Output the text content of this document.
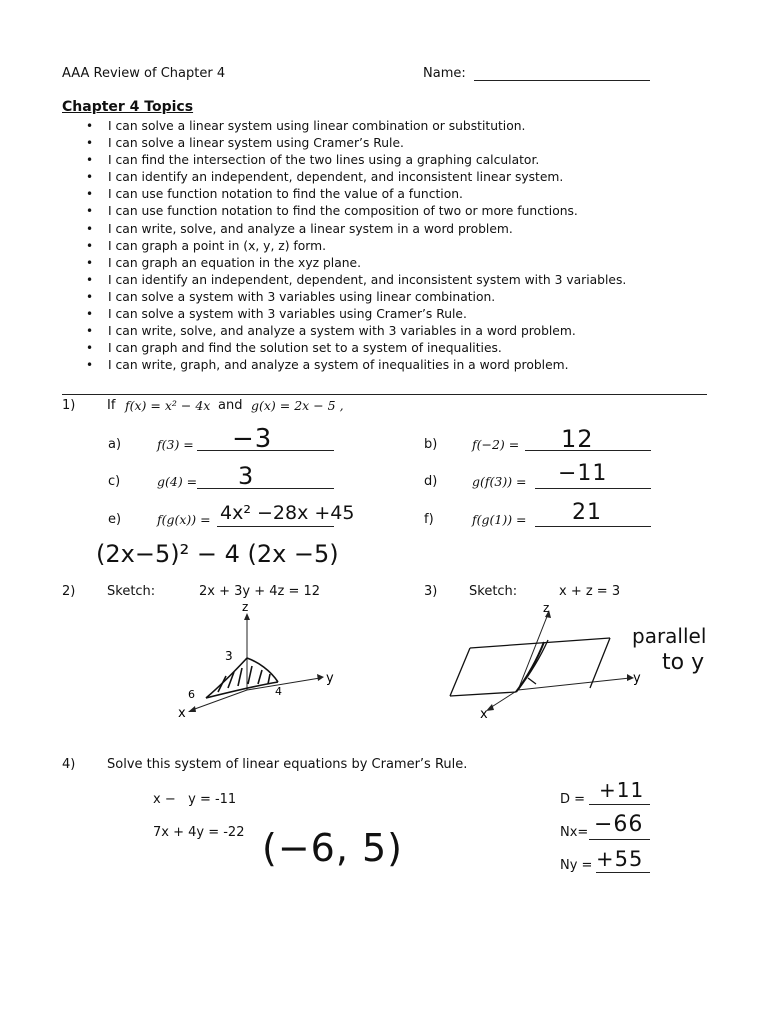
AAA Review of Chapter 4	Name:
Chapter 4 Topics
• I can solve a linear system using linear combination or substitution.
• I can solve a linear system using Cramer’s Rule.
• I can find the intersection of the two lines using a graphing calculator.
• I can identify an independent, dependent, and inconsistent linear system.
• I can use function notation to find the value of a function.
• I can use function notation to find the composition of two or more functions.
• I can write, solve, and analyze a linear system in a word problem.
• I can graph a point in (x, y, z) form.
• I can graph an equation in the xyz plane.
• I can identify an independent, dependent, and inconsistent system with 3 variables.
• I can solve a system with 3 variables using linear combination.
• I can solve a system with 3 variables using Cramer’s Rule.
• I can write, solve, and analyze a system with 3 variables in a word problem.
• I can graph and find the solution set to a system of inequalities.
• I can write, graph, and analyze a system of inequalities in a word problem.
1) If f(x) = x² − 4x and g(x) = 2x − 5 ,
a)	f(3) = −3	b)	f(−2) = 12
c)	g(4) = 3	d)	g(f(3)) = −11
e)	f(g(x)) = 4x² −28x +45	f)	f(g(1)) = 21
(2x−5)² − 4 (2x −5)
2) Sketch:	2x + 3y + 4z = 12
z
y
x
3
4
6
3) Sketch:	x + z = 3
z
y
x
parallel
to y
4) Solve this system of linear equations by Cramer’s Rule.
x −   y = -11
7x + 4y = -22 (−6, 5)
D = +11
Nx= −66
Ny = +55
